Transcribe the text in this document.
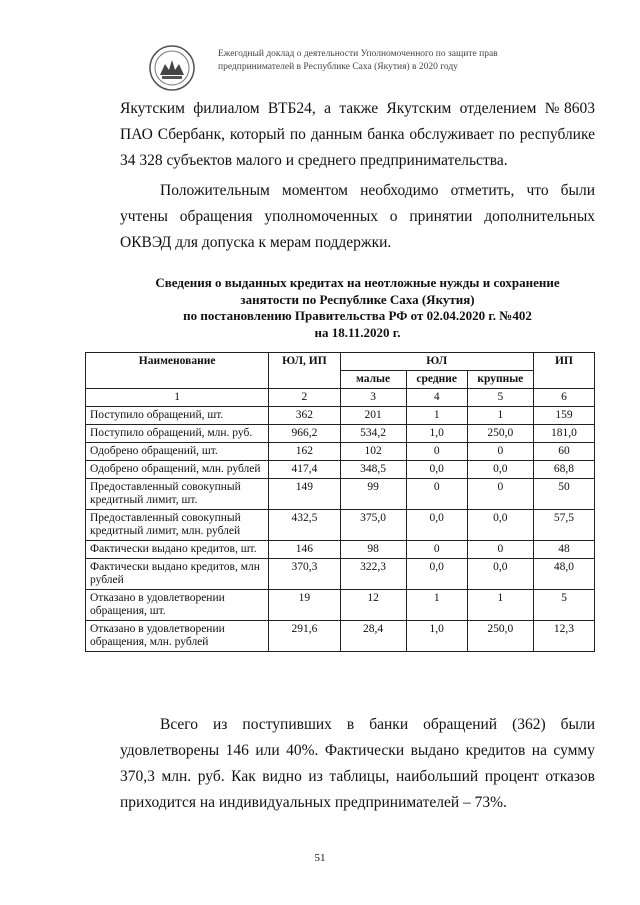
Ежегодный доклад о деятельности Уполномоченного по защите прав
предпринимателей в Республике Саха (Якутия) в 2020 году
Якутским филиалом ВТБ24, а также Якутским отделением №8603 ПАО Сбербанк, который по данным банка обслуживает по республике 34 328 субъектов малого и среднего предпринимательства.
Положительным моментом необходимо отметить, что были учтены обращения уполномоченных о принятии дополнительных ОКВЭД для допуска к мерам поддержки.
Сведения о выданных кредитах на неотложные нужды и сохранение
занятости по Республике Саха (Якутия)
по постановлению Правительства РФ от 02.04.2020 г. №402
на 18.11.2020 г.
Наименование	ЮЛ, ИП	ЮЛ			ИП
		малые	средние	крупные	
1	2	3	4	5	6
Поступило обращений, шт.	362	201	1	1	159
Поступило обращений, млн. руб.	966,2	534,2	1,0	250,0	181,0
Одобрено обращений, шт.	162	102	0	0	60
Одобрено обращений, млн. рублей	417,4	348,5	0,0	0,0	68,8
Предоставленный совокупный кредитный лимит, шт.	149	99	0	0	50
Предоставленный совокупный кредитный лимит, млн. рублей	432,5	375,0	0,0	0,0	57,5
Фактически выдано кредитов, шт.	146	98	0	0	48
Фактически выдано кредитов, млн рублей	370,3	322,3	0,0	0,0	48,0
Отказано в удовлетворении обращения, шт.	19	12	1	1	5
Отказано в удовлетворении обращения, млн. рублей	291,6	28,4	1,0	250,0	12,3
Всего из поступивших в банки обращений (362) были удовлетворены 146 или 40%. Фактически выдано кредитов на сумму 370,3 млн. руб. Как видно из таблицы, наибольший процент отказов приходится на индивидуальных предпринимателей – 73%.
51
